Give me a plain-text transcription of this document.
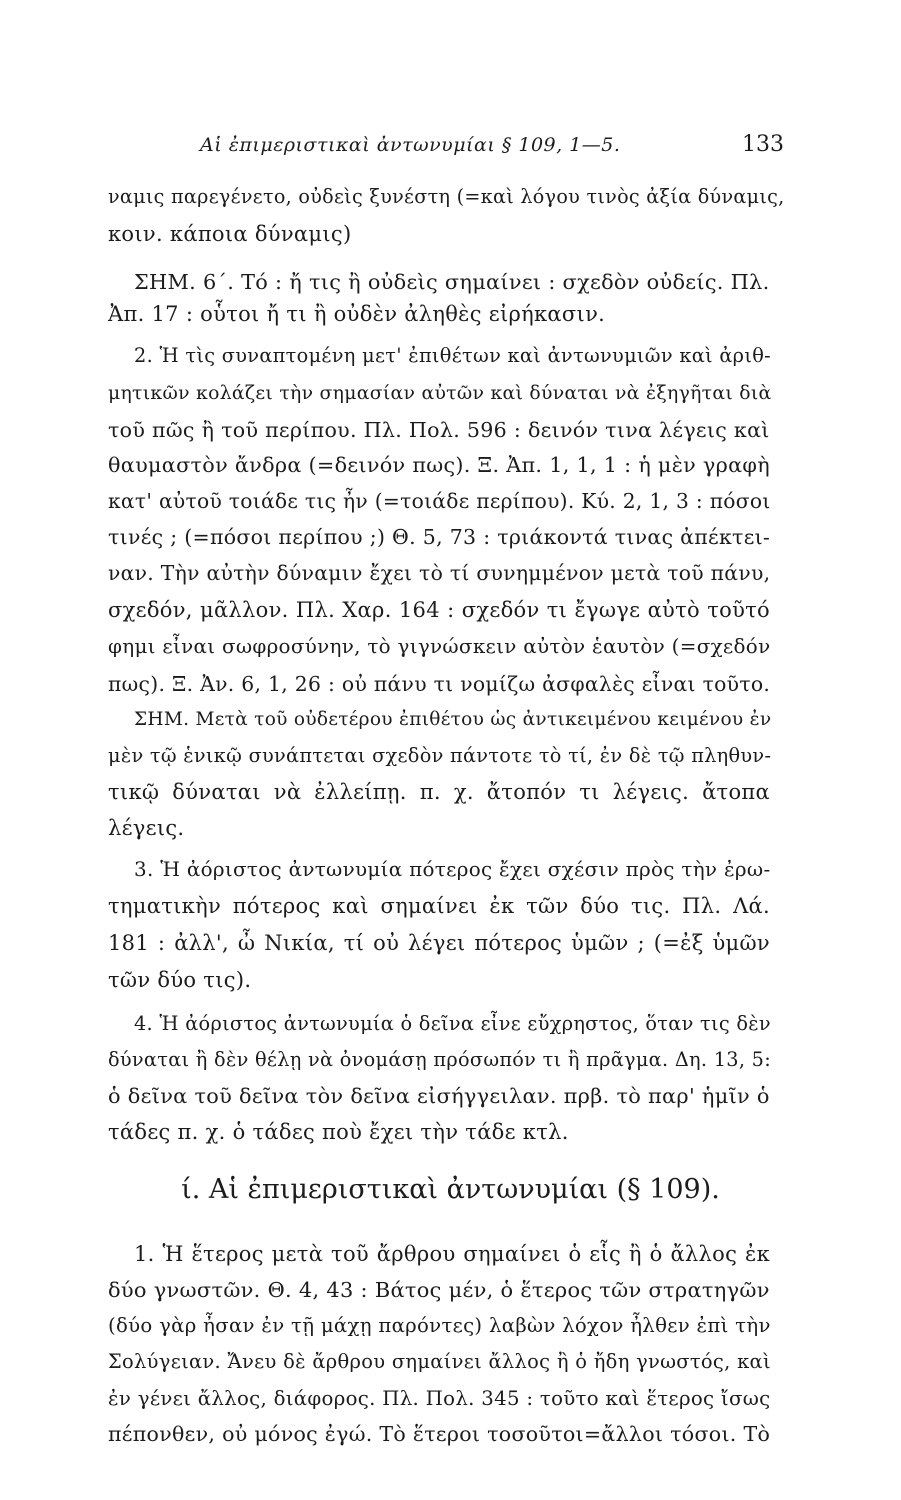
Αἱ ἐπιμεριστικαὶ ἀντωνυμίαι § 109, 1—5.	133
ναμις παρεγένετο, οὐδεὶς ξυνέστη (=καὶ λόγου τινὸς ἀξία δύναμις,
κοιν. κάποια δύναμις)
ΣΗΜ. 6΄. Τό : ἤ τις ἢ οὐδεὶς σημαίνει : σχεδὸν οὐδείς. Πλ.
Ἀπ. 17 : οὗτοι ἤ τι ἢ οὐδὲν ἀληθὲς εἰρήκασιν.
2. Ἡ τὶς συναπτομένη μετ' ἐπιθέτων καὶ ἀντωνυμιῶν καὶ ἀριθ-
μητικῶν κολάζει τὴν σημασίαν αὐτῶν καὶ δύναται νὰ ἐξηγῆται διὰ
τοῦ πῶς ἢ τοῦ περίπου. Πλ. Πολ. 596 : δεινόν τινα λέγεις καὶ
θαυμαστὸν ἄνδρα (=δεινόν πως). Ξ. Ἀπ. 1, 1, 1 : ἡ μὲν γραφὴ
κατ' αὐτοῦ τοιάδε τις ἦν (=τοιάδε περίπου). Κύ. 2, 1, 3 : πόσοι
τινές ; (=πόσοι περίπου ;) Θ. 5, 73 : τριάκοντά τινας ἀπέκτει-
ναν. Τὴν αὐτὴν δύναμιν ἔχει τὸ τί συνημμένον μετὰ τοῦ πάνυ,
σχεδόν, μᾶλλον. Πλ. Χαρ. 164 : σχεδόν τι ἔγωγε αὐτὸ τοῦτό
φημι εἶναι σωφροσύνην, τὸ γιγνώσκειν αὐτὸν ἑαυτὸν (=σχεδόν
πως). Ξ. Ἀν. 6, 1, 26 : οὐ πάνυ τι νομίζω ἀσφαλὲς εἶναι τοῦτο.
ΣΗΜ. Μετὰ τοῦ οὐδετέρου ἐπιθέτου ὡς ἀντικειμένου κειμένου ἐν
μὲν τῷ ἑνικῷ συνάπτεται σχεδὸν πάντοτε τὸ τί, ἐν δὲ τῷ πληθυν-
τικῷ δύναται νὰ ἐλλείπῃ. π. χ. ἄτοπόν τι λέγεις. ἄτοπα
λέγεις.
3. Ἡ ἀόριστος ἀντωνυμία πότερος ἔχει σχέσιν πρὸς τὴν ἐρω-
τηματικὴν πότερος καὶ σημαίνει ἐκ τῶν δύο τις. Πλ. Λά.
181 : ἀλλ', ὦ Νικία, τί οὐ λέγει πότερος ὑμῶν ; (=ἐξ ὑμῶν
τῶν δύο τις).
4. Ἡ ἀόριστος ἀντωνυμία ὁ δεῖνα εἶνε εὔχρηστος, ὅταν τις δὲν
δύναται ἢ δὲν θέλῃ νὰ ὀνομάσῃ πρόσωπόν τι ἢ πρᾶγμα. Δη. 13, 5:
ὁ δεῖνα τοῦ δεῖνα τὸν δεῖνα εἰσήγγειλαν. πρβ. τὸ παρ' ἡμῖν ὁ
τάδες π. χ. ὁ τάδες ποὺ ἔχει τὴν τάδε κτλ.
ί. Αἱ ἐπιμεριστικαὶ ἀντωνυμίαι (§ 109).
1. Ἡ ἕτερος μετὰ τοῦ ἄρθρου σημαίνει ὁ εἷς ἢ ὁ ἄλλος ἐκ
δύο γνωστῶν. Θ. 4, 43 : Βάτος μέν, ὁ ἕτερος τῶν στρατηγῶν
(δύο γὰρ ἦσαν ἐν τῇ μάχῃ παρόντες) λαβὼν λόχον ἦλθεν ἐπὶ τὴν
Σολύγειαν. Ἄνευ δὲ ἄρθρου σημαίνει ἄλλος ἢ ὁ ἤδη γνωστός, καὶ
ἐν γένει ἄλλος, διάφορος. Πλ. Πολ. 345 : τοῦτο καὶ ἕτερος ἴσως
πέπονθεν, οὐ μόνος ἐγώ. Τὸ ἕτεροι τοσοῦτοι=ἄλλοι τόσοι. Τὸ
